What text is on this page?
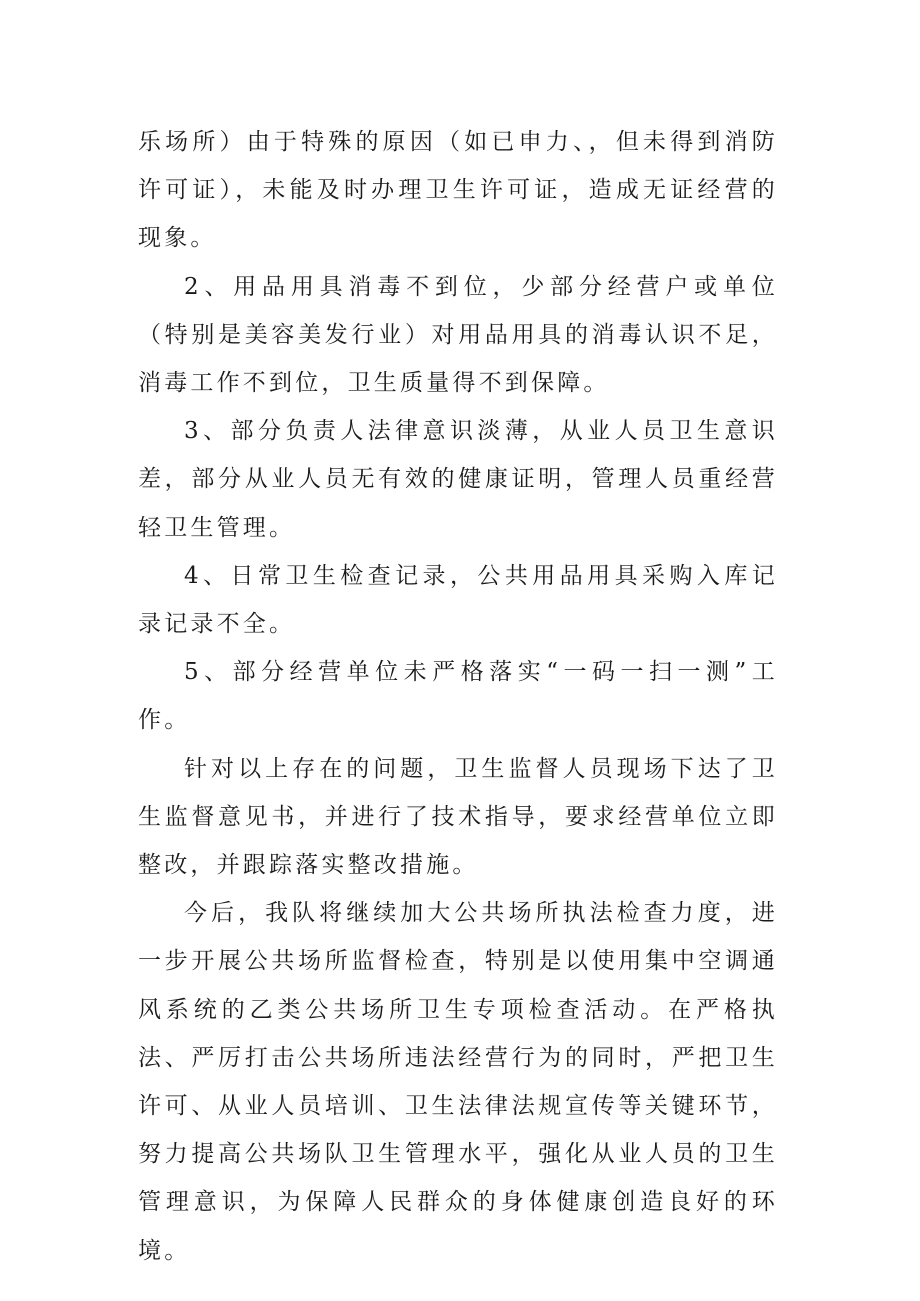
乐场所）由于特殊的原因（如已申力、，但未得到消防许可证），未能及时办理卫生许可证，造成无证经营的现象。

2、用品用具消毒不到位，少部分经营户或单位（特别是美容美发行业）对用品用具的消毒认识不足，消毒工作不到位，卫生质量得不到保障。

3、部分负责人法律意识淡薄，从业人员卫生意识差，部分从业人员无有效的健康证明，管理人员重经营轻卫生管理。

4、日常卫生检查记录，公共用品用具采购入库记录记录不全。

5、部分经营单位未严格落实“一码一扫一测”工作。

针对以上存在的问题，卫生监督人员现场下达了卫生监督意见书，并进行了技术指导，要求经营单位立即整改，并跟踪落实整改措施。

今后，我队将继续加大公共场所执法检查力度，进一步开展公共场所监督检查，特别是以使用集中空调通风系统的乙类公共场所卫生专项检查活动。在严格执法、严厉打击公共场所违法经营行为的同时，严把卫生许可、从业人员培训、卫生法律法规宣传等关键环节，努力提高公共场队卫生管理水平，强化从业人员的卫生管理意识，为保障人民群众的身体健康创造良好的环境。
